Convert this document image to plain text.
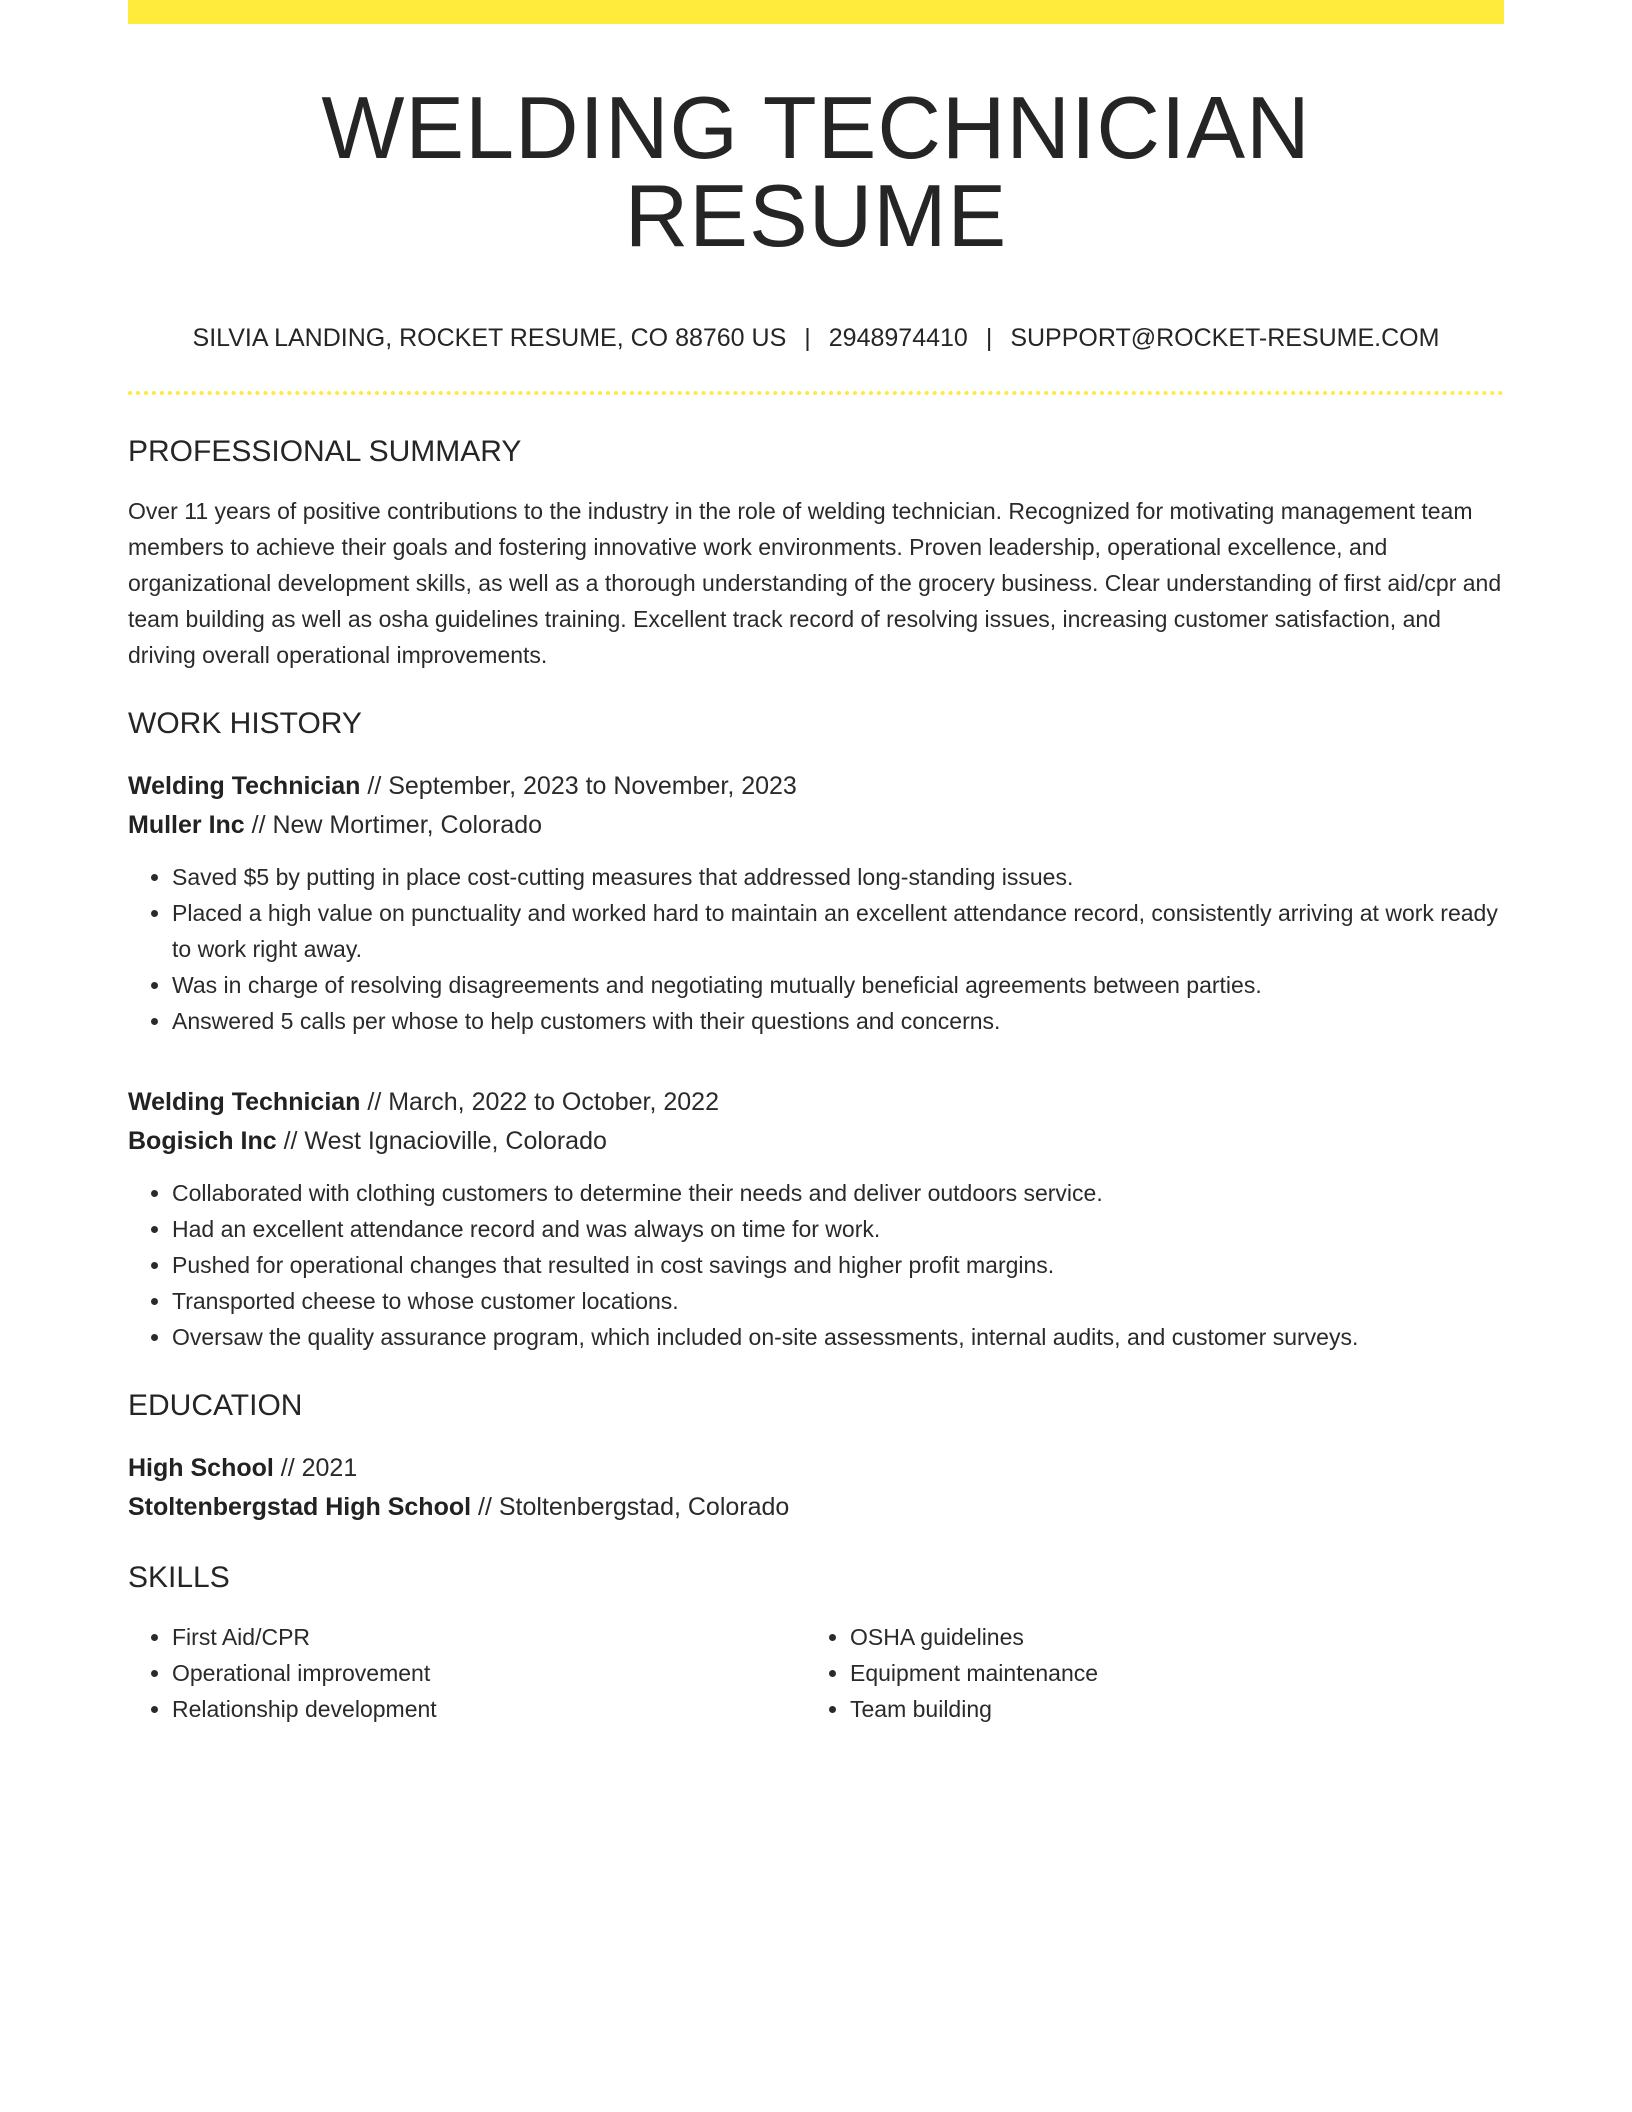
WELDING TECHNICIAN RESUME
SILVIA LANDING, ROCKET RESUME, CO 88760 US | 2948974410 | SUPPORT@ROCKET-RESUME.COM
PROFESSIONAL SUMMARY

Over 11 years of positive contributions to the industry in the role of welding technician. Recognized for motivating management team members to achieve their goals and fostering innovative work environments. Proven leadership, operational excellence, and organizational development skills, as well as a thorough understanding of the grocery business. Clear understanding of first aid/cpr and team building as well as osha guidelines training. Excellent track record of resolving issues, increasing customer satisfaction, and driving overall operational improvements.

WORK HISTORY
Welding Technician // September, 2023 to November, 2023
Muller Inc // New Mortimer, Colorado
• Saved $5 by putting in place cost-cutting measures that addressed long-standing issues.
• Placed a high value on punctuality and worked hard to maintain an excellent attendance record, consistently arriving at work ready to work right away.
• Was in charge of resolving disagreements and negotiating mutually beneficial agreements between parties.
• Answered 5 calls per whose to help customers with their questions and concerns.
Welding Technician // March, 2022 to October, 2022
Bogisich Inc // West Ignacioville, Colorado
• Collaborated with clothing customers to determine their needs and deliver outdoors service.
• Had an excellent attendance record and was always on time for work.
• Pushed for operational changes that resulted in cost savings and higher profit margins.
• Transported cheese to whose customer locations.
• Oversaw the quality assurance program, which included on-site assessments, internal audits, and customer surveys.
EDUCATION
High School // 2021
Stoltenbergstad High School // Stoltenbergstad, Colorado
SKILLS
• First Aid/CPR
• Operational improvement
• Relationship development
• OSHA guidelines
• Equipment maintenance
• Team building
